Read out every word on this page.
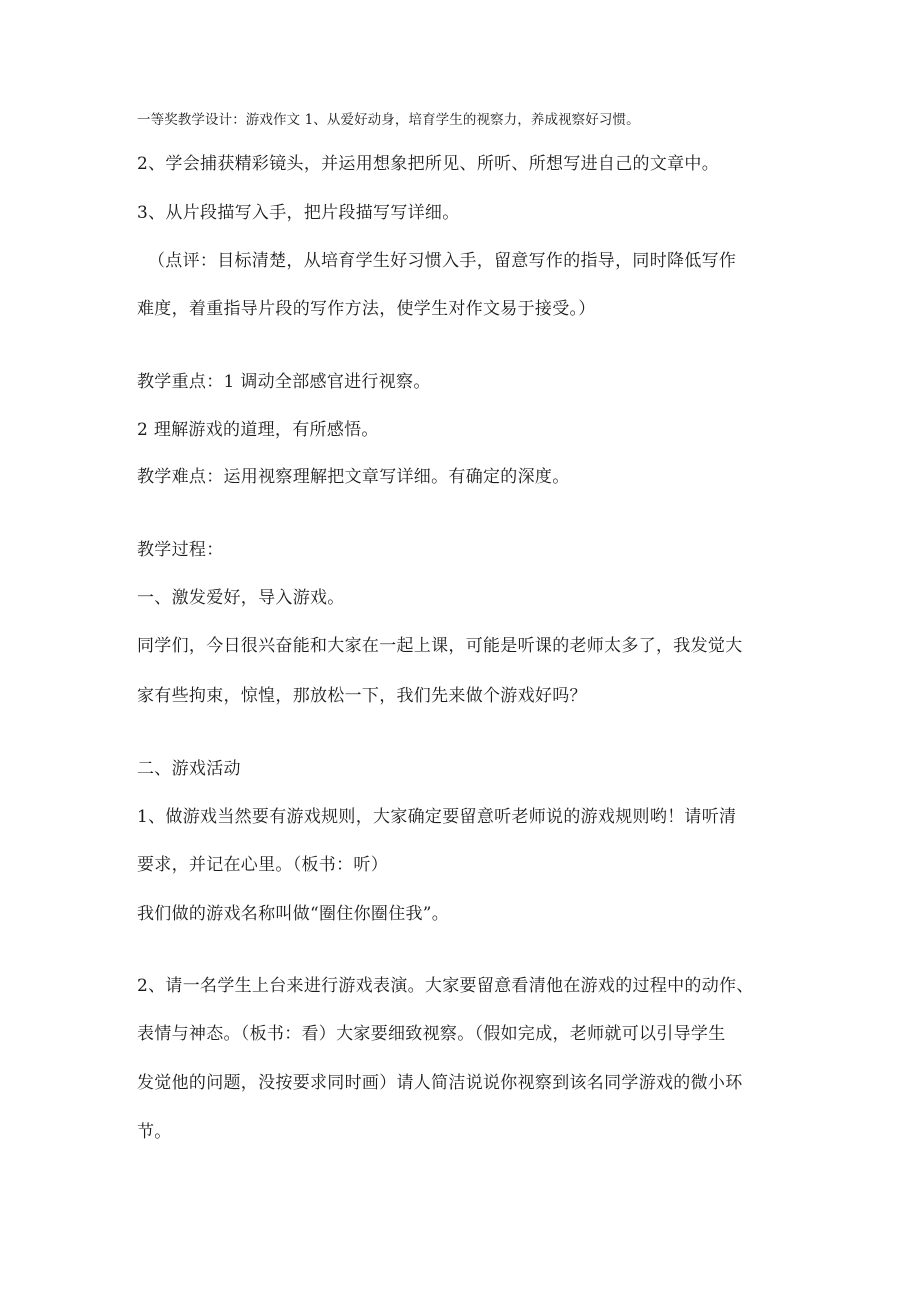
一等奖教学设计：游戏作文 1、从爱好动身，培育学生的视察力，养成视察好习惯。
2、学会捕获精彩镜头，并运用想象把所见、所听、所想写进自己的文章中。
3、从片段描写入手，把片段描写写详细。
（点评：目标清楚，从培育学生好习惯入手，留意写作的指导，同时降低写作
难度，着重指导片段的写作方法，使学生对作文易于接受。）
教学重点：1 调动全部感官进行视察。
2 理解游戏的道理，有所感悟。
教学难点：运用视察理解把文章写详细。有确定的深度。
教学过程：
一、激发爱好，导入游戏。
同学们，今日很兴奋能和大家在一起上课，可能是听课的老师太多了，我发觉大
家有些拘束，惊惶，那放松一下，我们先来做个游戏好吗？
二、游戏活动
1、做游戏当然要有游戏规则，大家确定要留意听老师说的游戏规则哟！请听清
要求，并记在心里。（板书：听）
我们做的游戏名称叫做“圈住你圈住我”。
2、请一名学生上台来进行游戏表演。大家要留意看清他在游戏的过程中的动作、
表情与神态。（板书：看）大家要细致视察。（假如完成，老师就可以引导学生
发觉他的问题，没按要求同时画）请人简洁说说你视察到该名同学游戏的微小环
节。
